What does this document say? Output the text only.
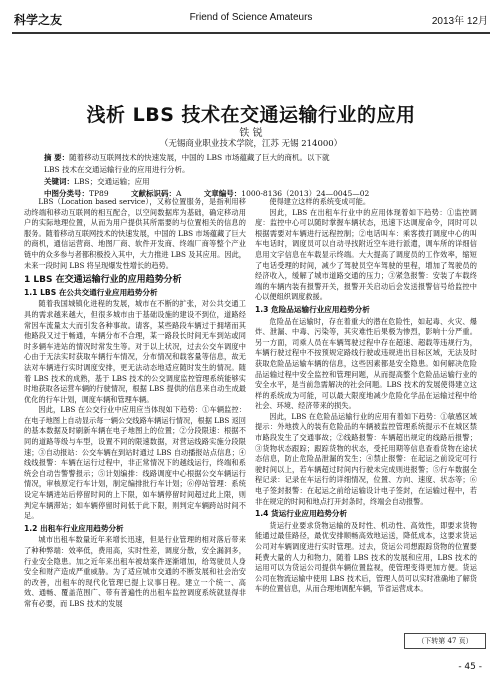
科学之友	Friend of Science Amateurs	2013年 12月
浅析 LBS 技术在交通运输行业的应用
铁 锐
（无锡商业职业技术学院，江苏 无锡 214000）
摘 要：随着移动互联网技术的快速发展，中国的 LBS 市场蕴藏了巨大的商机。以下就
LBS 技术在交通运输行业的应用进行分析。
关键词：LBS；交通运输；应用
中图分类号：TP89	文献标识码：A	文章编号：1000-8136（2013）24—0045—02

LBS（Location based service），又称位置服务，是指利用移动终端和移动互联网的相互配合，以空间数据库为基础，确定移动用户的实际地理位置，从而为用户提供其所需要的与位置相关的信息的服务。随着移动互联网技术的快速发展，中国的 LBS 市场蕴藏了巨大的商机，通信运营商、地图厂商、软件开发商、终端厂商等整个产业链中的众多参与者都积极投入其中，大力推进 LBS 及其应用。因此，未来一段时间 LBS 将呈现爆发性增长的趋势。

1 LBS 在交通运输行业的应用趋势分析
1.1 LBS 在公共交通行业应用趋势分析

随着我国城镇化进程的发展，城市在不断的扩张，对公共交通工具的需求越来越大，但很多城市由于基础设施的建设不到位，道路经常因车流量太大而引发各种事故。请客，某些路段车辆过于拥堵而其他路段又过于畅通，车辆分布不合理，某一路段长时间无车到站或同时多辆车进站的情况时常发生等。对于以上状况，过去公交车调度中心由于无法实时获取车辆行车情况，分布情况和载客量等信息，故无法对车辆进行实时调度安排，更无法动态地适应随时发生的情况。随着 LBS 技术的成熟，基于 LBS 技术的公交调度监控管理系统能够实时地获取各运营车辆的行驶情况，根据 LBS 提供的信息来自动生成最优化的行车计划，调度车辆和管理车辆。

因此，LBS 在公交行业中应用应当体现如下趋势：①车辆监控：在电子地图上自动显示每一辆公交线路车辆运行情况，根据 LBS 返回的基本数据及时刷新车辆在电子地图上的位置；②分段限速：根据不同的道路等级与车型，设置不同的限速数据，对营运线路实施分段限速；③自动报站：公交车辆在到站时通过 LBS 自动播报站点信息；④线线报警：车辆在运行过程中，非正常情况下的越线运行，终端和系统会自动告警警报示；⑤计划编排：线路调度中心根据公交车辆运行情况，审核原定行车计划，制定编排批行车计划；⑥停站管理：系统设定车辆进站后停留时间的上下限，如车辆停留时间超过此上限，则判定车辆滞站；如车辆停留时间低于此下限，则判定车辆跨站时间不足。

1.2 出租车行业应用趋势分析

城市出租车数量近年来增长迅速，但是行业管理的相对落后带来了种种弊端：效率低，费用高，实时性差，调度分散，安全漏洞多，行业安全隐患。加之近年来出租车被劫案件逐渐增加，给驾驶员人身安全和财产造成严重威胁。为了适应城市交通的不断发展和社会治安的改善，出租车的现代化管理已提上议事日程。建立一个统一、高效、通畅、覆盖范围广、带有普遍性的出租车监控调度系统就显得非常有必要，而 LBS 技术的发展

使得建立这样的系统变成可能。

因此，LBS 在出租车行业中的应用体现着如下趋势：①监控调度：监控中心可以随时掌握车辆状态，迅速下达调度命令，同时可以根据需要对车辆进行远程控制；②电话叫车：乘客拨打调度中心的叫车电话时，调度员可以自动寻找附近空车进行派遣，调车所的详细信息用文字信息在车载显示终端。大大提高了调度员的工作效率，缩短了电话受理的时间，减少了驾驶员空车驾驶的里程，增加了驾驶员的经济收入，缓解了城市道路交通的压力；③紧急报警：安装了车载终端的车辆内装有报警开关，报警开关启动后会发送报警信号给监控中心以便组织调度救援。

1.3 危险品运输行业应用趋势分析

危险品在运输时，存在着重大的潜在危险性，如起毒、火灾、爆炸、泄漏、中毒、污染等，其灾难性后果极为惨烈，影响十分严重。另一方面，司乘人员在车辆驾驶过程中存在超速、超载等违规行为，车辆行驶过程中不按预规定路线行驶或违规进出目标区域，无法及时获取危险品运输车辆的信息，这些因素都是安全隐患。如何解决危险品运输过程中安全监控和管理问题，从而提高整个危险品运输行业的安全水平，是当前急需解决的社会问题。LBS 技术的发展使得建立这样的系统成为可能，可以最大限度地减少危险化学品在运输过程中给社会、环境、经济带来的损失。

因此，LBS 在危险品运输行业的应用有着如下趋势：①敏感区域提示：外地拨入的装有危险品的车辆被监控管理系统提示不在城区禁市路段发生了交通事故；②线路报警：车辆超出规定的线路后报警；③货物状态跟踪；跟踪货物的状态，受托用期等信息查看货物在途状态信息，防止危险品泄漏的发生；④禁止报警：在起运之前设定可行驶时间以上，若车辆超过时间内行驶未完成则进报警；⑤行车数据全程记录：记录在车运行的详细情况，位置、方向、速度、状态等；⑥电子签封报警：在起运之前给运输设计电子签封，在运输过程中，若非在规定的时间和地点打开封条时，终端会自动报警。

1.4 货运行业应用趋势分析

货运行业要求货物运输的及时性、机动性、高效性，即要求货物能通过最佳路径，最优安排顺畅高效地运送，降低成本，这要求货运公司对车辆调度进行实时管理。过去，货运公司想跟踪货物的位置要耗费大量的人力和物力，随着 LBS 技术的发展和应用，LBS 技术的运用可以为货运公司提供车辆位置监视，使管理变得更加方便。货运公司在物流运输中使用 LBS 技术后，管理人员可以实时准确地了解货车的位置信息，从而合理地调配车辆，节省运营成本。

（下转第 47 页）
- 45 -
